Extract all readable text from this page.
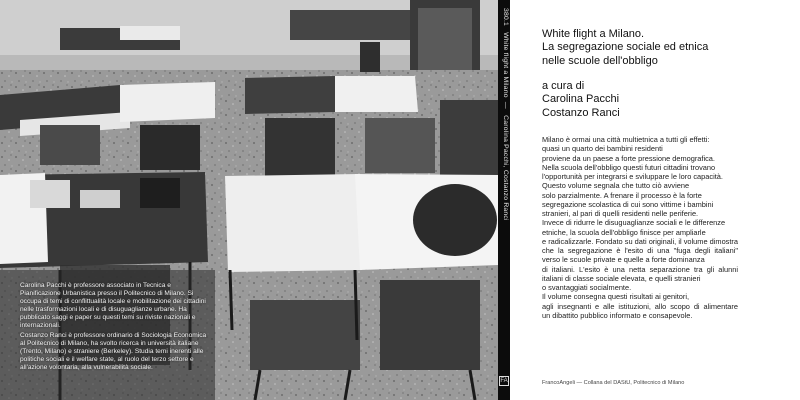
Carolina Pacchi è professore associato in Tecnica e Pianificazione Urbanistica presso il Politecnico di Milano. Si occupa di temi di conflittualità locale e mobilitazione dei cittadini nelle trasformazioni locali e di disuguaglianze urbane. Ha pubblicato saggi e paper su questi temi su riviste nazionali e internazionali.

Costanzo Ranci è professore ordinario di Sociologia Economica al Politecnico di Milano, ha svolto ricerca in università italiane (Trento, Milano) e straniere (Berkeley). Studia temi inerenti alle politiche sociali e il welfare state, al ruolo del terzo settore e all'azione volontaria, alla vulnerabilità sociale.

380.1   White flight a Milano  —   Carolina Pacchi, Costanzo Ranci
FA
White flight a Milano.
La segregazione sociale ed etnica
nelle scuole dell'obbligo
a cura di
Carolina Pacchi
Costanzo Ranci
Milano è ormai una città multietnica a tutti gli effetti:
quasi un quarto dei bambini residenti
proviene da un paese a forte pressione demografica.
Nella scuola dell'obbligo questi futuri cittadini trovano
l'opportunità per integrarsi e sviluppare le loro capacità.
Questo volume segnala che tutto ciò avviene
solo parzialmente. A frenare il processo è la forte
segregazione scolastica di cui sono vittime i bambini
stranieri, al pari di quelli residenti nelle periferie.
Invece di ridurre le disuguaglianze sociali e le differenze
etniche, la scuola dell'obbligo finisce per ampliarle
e radicalizzarle. Fondato su dati originali, il volume dimostra
che la segregazione è l'esito di una "fuga degli italiani"
verso le scuole private e quelle a forte dominanza
di italiani. L'esito è una netta separazione tra gli alunni
italiani di classe sociale elevata, e quelli stranieri
o svantaggiati socialmente.
Il volume consegna questi risultati ai genitori,
agli insegnanti e alle istituzioni, allo scopo di alimentare
un dibattito pubblico informato e consapevole.
FrancoAngeli — Collana del DAStU, Politecnico di Milano
